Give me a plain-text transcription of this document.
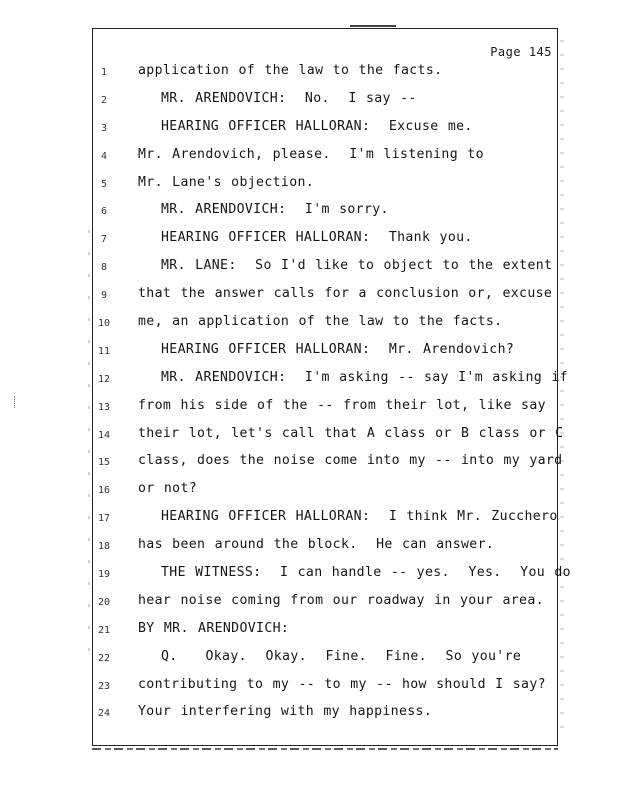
Page 145

1

	application of the law to the facts.

2

	MR. ARENDOVICH:  No.  I say --

3

	HEARING OFFICER HALLORAN:  Excuse me.

4

	Mr. Arendovich, please.  I'm listening to

5

	Mr. Lane's objection.

6

	MR. ARENDOVICH:  I'm sorry.

7

	HEARING OFFICER HALLORAN:  Thank you.

8

	MR. LANE:  So I'd like to object to the extent

9

	that the answer calls for a conclusion or, excuse

10

	me, an application of the law to the facts.

11

	HEARING OFFICER HALLORAN:  Mr. Arendovich?

12

	MR. ARENDOVICH:  I'm asking -- say I'm asking if

13

	from his side of the -- from their lot, like say

14

	their lot, let's call that A class or B class or C

15

	class, does the noise come into my -- into my yard

16

	or not?

17

	HEARING OFFICER HALLORAN:  I think Mr. Zucchero

18

	has been around the block.  He can answer.

19

	THE WITNESS:  I can handle -- yes.  Yes.  You do

20

	hear noise coming from our roadway in your area.

21

	BY MR. ARENDOVICH:

22

	Q.   Okay.  Okay.  Fine.  Fine.  So you're

23

	contributing to my -- to my -- how should I say?

24

	Your interfering with my happiness.
